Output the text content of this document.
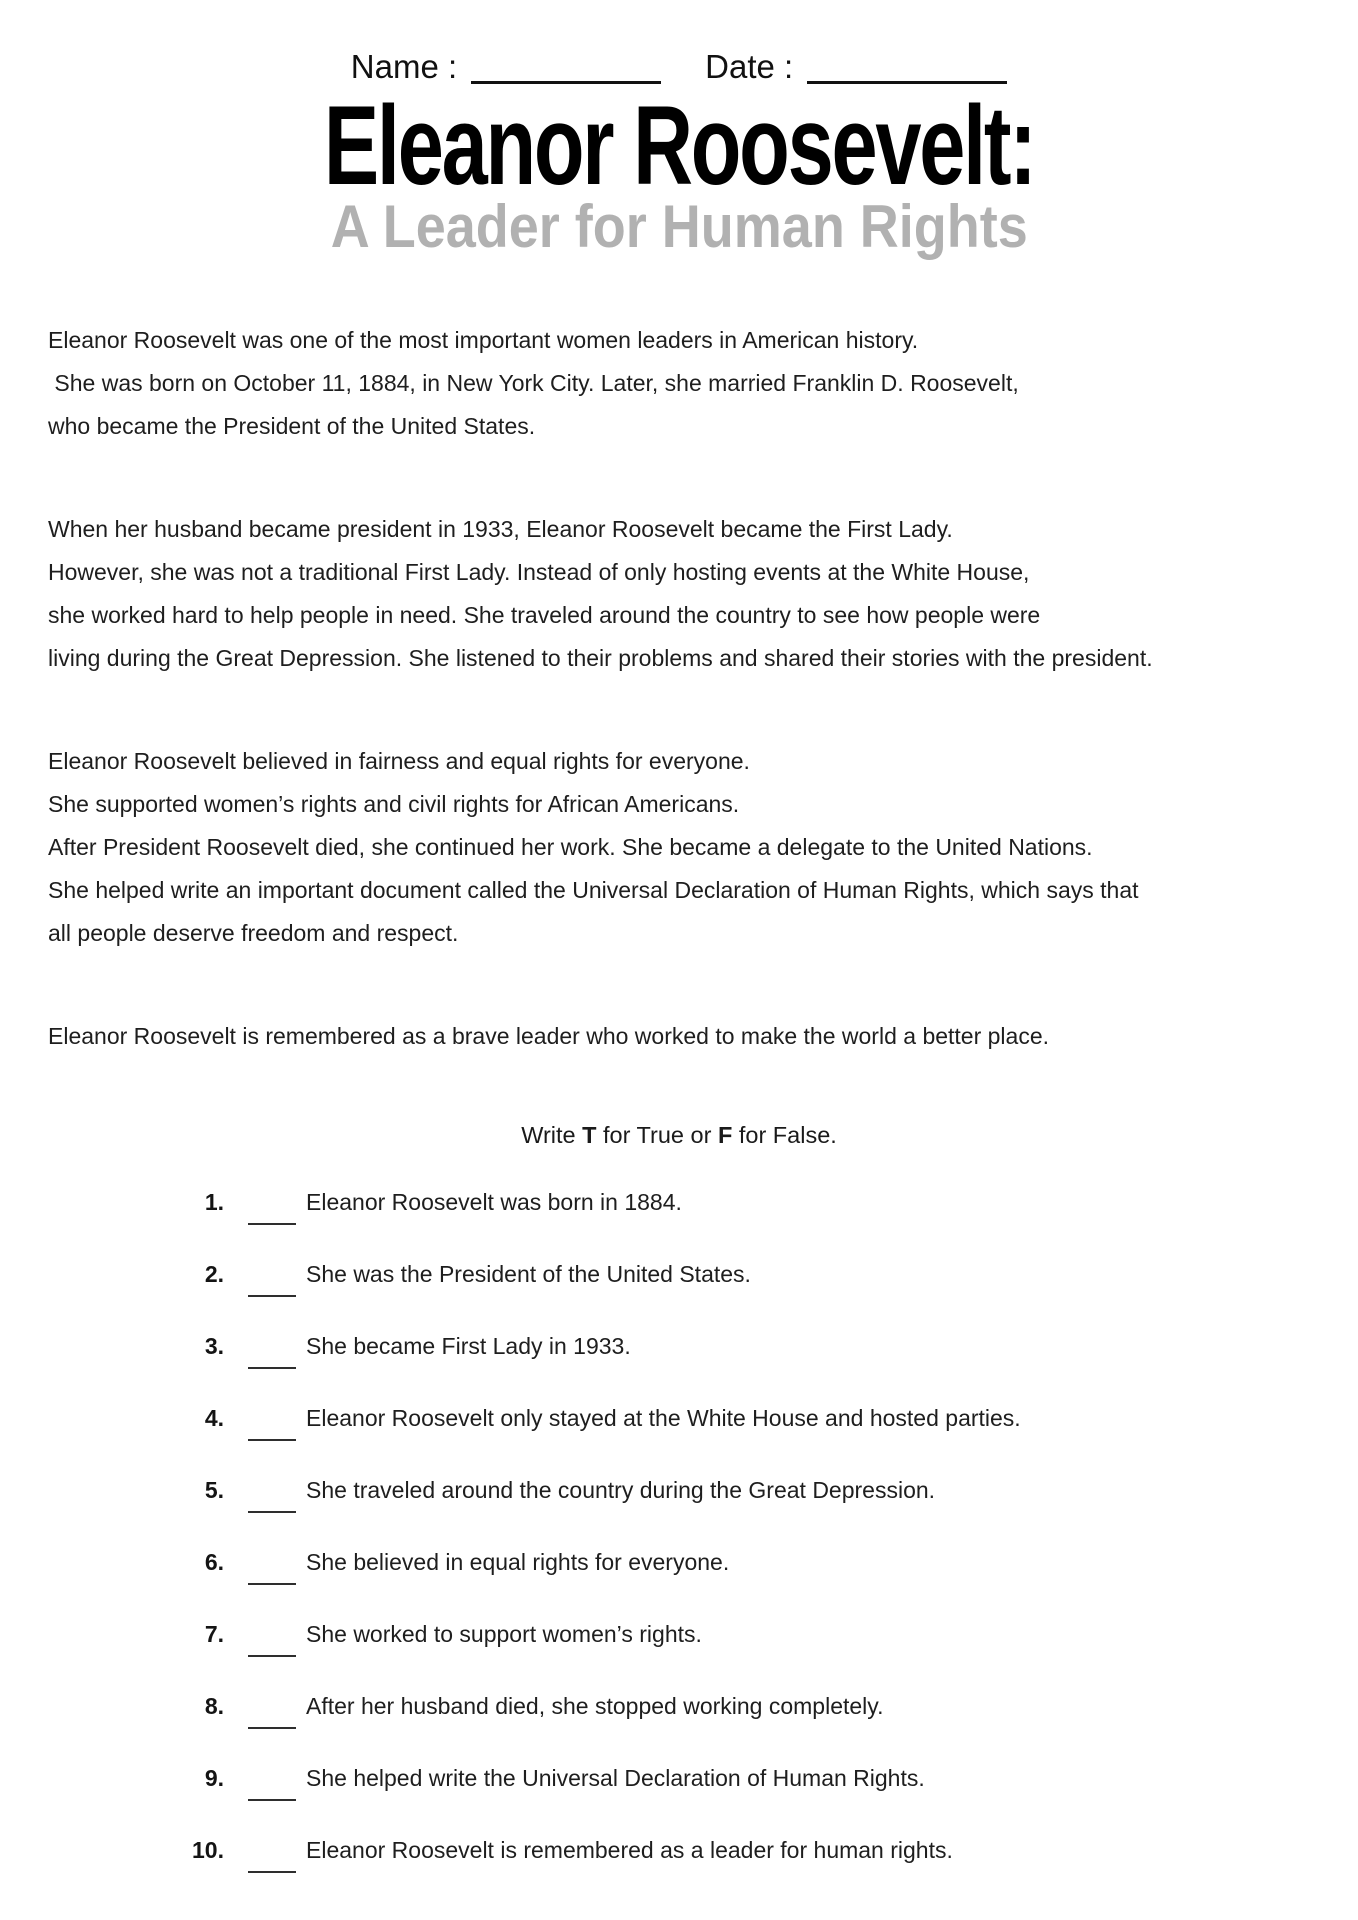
Name :	Date :
Eleanor Roosevelt:
A Leader for Human Rights
Eleanor Roosevelt was one of the most important women leaders in American history.
She was born on October 11, 1884, in New York City. Later, she married Franklin D. Roosevelt,
who became the President of the United States.
When her husband became president in 1933, Eleanor Roosevelt became the First Lady.
However, she was not a traditional First Lady. Instead of only hosting events at the White House,
she worked hard to help people in need. She traveled around the country to see how people were
living during the Great Depression. She listened to their problems and shared their stories with the president.
Eleanor Roosevelt believed in fairness and equal rights for everyone.
She supported women’s rights and civil rights for African Americans.
After President Roosevelt died, she continued her work. She became a delegate to the United Nations.
She helped write an important document called the Universal Declaration of Human Rights, which says that
all people deserve freedom and respect.
Eleanor Roosevelt is remembered as a brave leader who worked to make the world a better place.
Write T for True or F for False.
1.	Eleanor Roosevelt was born in 1884.
2.	She was the President of the United States.
3.	She became First Lady in 1933.
4.	Eleanor Roosevelt only stayed at the White House and hosted parties.
5.	She traveled around the country during the Great Depression.
6.	She believed in equal rights for everyone.
7.	She worked to support women’s rights.
8.	After her husband died, she stopped working completely.
9.	She helped write the Universal Declaration of Human Rights.
10.	Eleanor Roosevelt is remembered as a leader for human rights.
